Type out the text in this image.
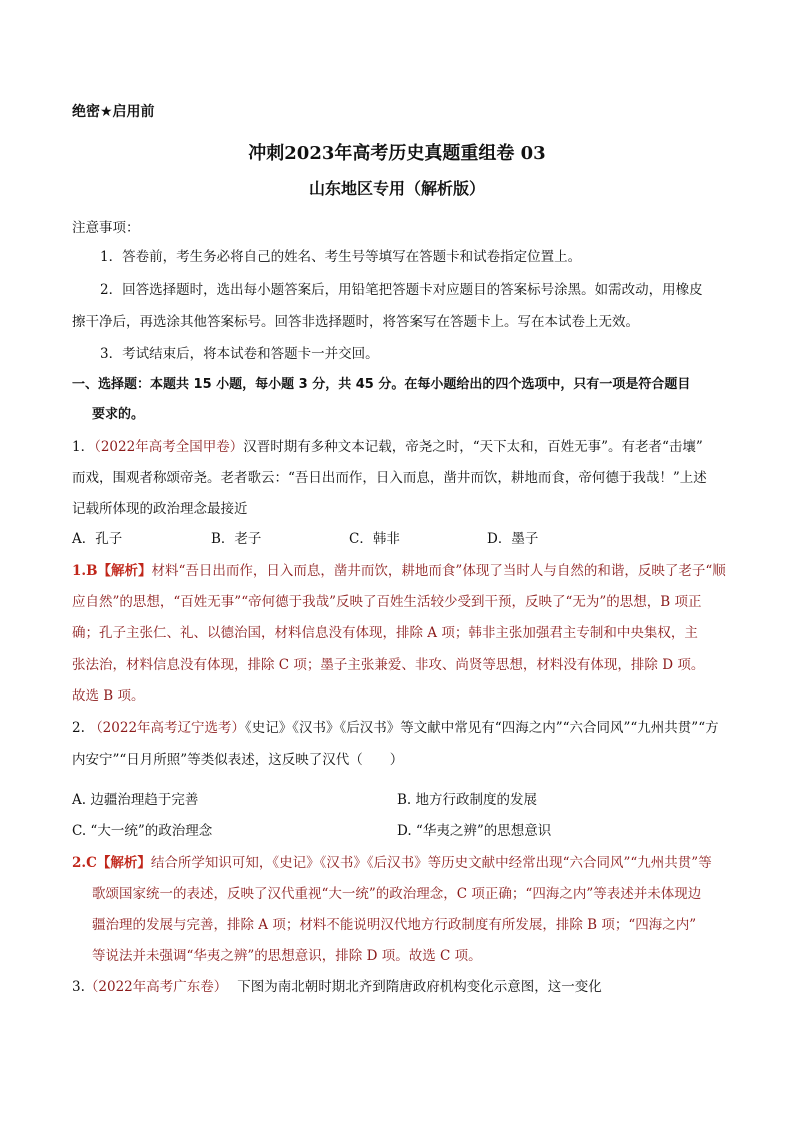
绝密★启用前
冲刺2023年高考历史真题重组卷 03
山东地区专用（解析版）
注意事项：
1．答卷前，考生务必将自己的姓名、考生号等填写在答题卡和试卷指定位置上。
2．回答选择题时，选出每小题答案后，用铅笔把答题卡对应题目的答案标号涂黑。如需改动，用橡皮
擦干净后，再选涂其他答案标号。回答非选择题时，将答案写在答题卡上。写在本试卷上无效。
3．考试结束后，将本试卷和答题卡一并交回。
一、选择题：本题共 15 小题，每小题 3 分，共 45 分。在每小题给出的四个选项中，只有一项是符合题目
要求的。
1．（2022年高考全国甲卷）汉晋时期有多种文本记载，帝尧之时，“天下太和，百姓无事”。有老者“击壤”
而戏，围观者称颂帝尧。老者歌云：“吾日出而作，日入而息，凿井而饮，耕地而食，帝何德于我哉！”上述
记载所体现的政治理念最接近
A．孔子	B．老子	C．韩非	D．墨子
1.B【解析】材料“吾日出而作，日入而息，凿井而饮，耕地而食”体现了当时人与自然的和谐，反映了老子“顺
应自然”的思想，“百姓无事”“帝何德于我哉”反映了百姓生活较少受到干预，反映了“无为”的思想，B 项正
确；孔子主张仁、礼、以德治国，材料信息没有体现，排除 A 项；韩非主张加强君主专制和中央集权，主
张法治，材料信息没有体现，排除 C 项；墨子主张兼爱、非攻、尚贤等思想，材料没有体现，排除 D 项。
故选 B 项。
2. （2022年高考辽宁选考）《史记》《汉书》《后汉书》等文献中常见有“四海之内”“六合同风”“九州共贯”“方
内安宁”“日月所照”等类似表述，这反映了汉代（　　）
A. 边疆治理趋于完善	B. 地方行政制度的发展
C. “大一统”的政治理念	D. “华夷之辨”的思想意识
2.C【解析】结合所学知识可知，《史记》《汉书》《后汉书》等历史文献中经常出现“六合同风”“九州共贯”等
歌颂国家统一的表述，反映了汉代重视“大一统”的政治理念，C 项正确；“四海之内”等表述并未体现边
疆治理的发展与完善，排除 A 项；材料不能说明汉代地方行政制度有所发展，排除 B 项；“四海之内”
等说法并未强调“华夷之辨”的思想意识，排除 D 项。故选 C 项。
3.（2022年高考广东卷） 下图为南北朝时期北齐到隋唐政府机构变化示意图，这一变化
